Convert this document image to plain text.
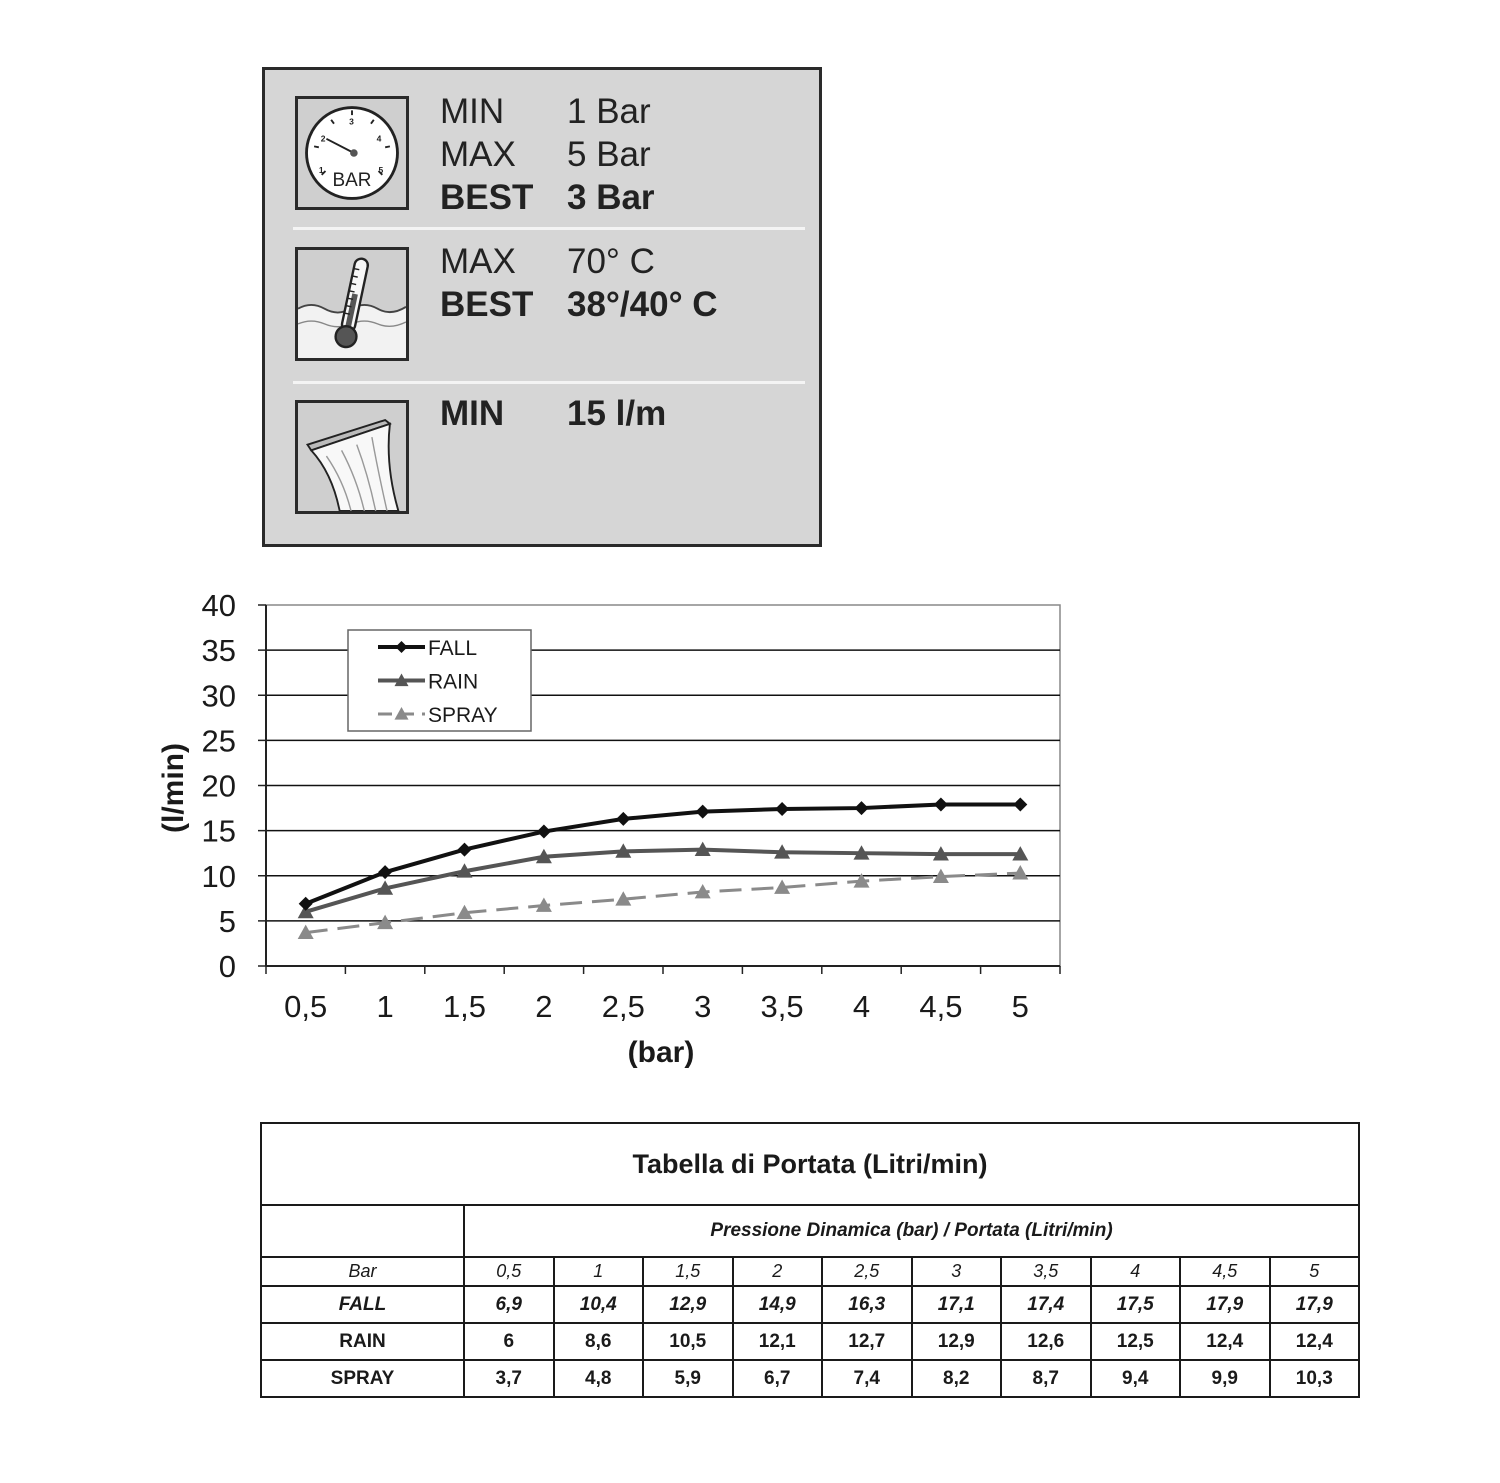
1
2
3
4
5
BAR
MIN 1 Bar
MAX 5 Bar
BEST 3 Bar
MAX 70° C
BEST 38°/40° C
MIN 15 l/m
0
5
10
15
20
25
30
35
40
0,5 1 1,5 2 2,5 3 3,5 4 4,5 5
(l/min)
(bar)
FALL
RAIN
SPRAY
Tabella di Portata (Litri/min)										
	Pressione Dinamica (bar) / Portata (Litri/min)									
Bar	0,5	1	1,5	2	2,5	3	3,5	4	4,5	5
FALL	6,9	10,4	12,9	14,9	16,3	17,1	17,4	17,5	17,9	17,9
RAIN	6	8,6	10,5	12,1	12,7	12,9	12,6	12,5	12,4	12,4
SPRAY	3,7	4,8	5,9	6,7	7,4	8,2	8,7	9,4	9,9	10,3
